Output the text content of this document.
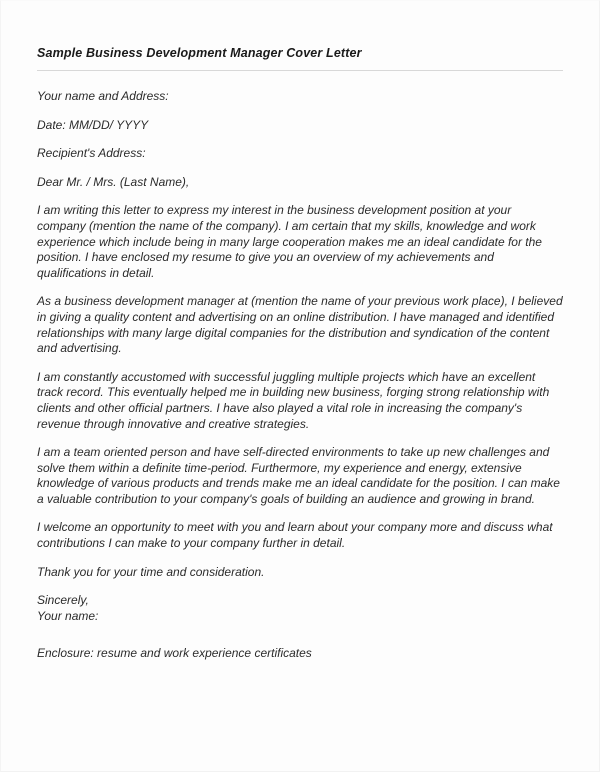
Sample Business Development Manager Cover Letter

Your name and Address:

Date: MM/DD/ YYYY

Recipient's Address:

Dear Mr. / Mrs. (Last Name),

I am writing this letter to express my interest in the business development position at your company (mention the name of the company). I am certain that my skills, knowledge and work experience which include being in many large cooperation makes me an ideal candidate for the position. I have enclosed my resume to give you an overview of my achievements and qualifications in detail.

As a business development manager at (mention the name of your previous work place), I believed in giving a quality content and advertising on an online distribution. I have managed and identified relationships with many large digital companies for the distribution and syndication of the content and advertising.

I am constantly accustomed with successful juggling multiple projects which have an excellent track record. This eventually helped me in building new business, forging strong relationship with clients and other official partners. I have also played a vital role in increasing the company's revenue through innovative and creative strategies.

I am a team oriented person and have self-directed environments to take up new challenges and solve them within a definite time-period. Furthermore, my experience and energy, extensive knowledge of various products and trends make me an ideal candidate for the position. I can make a valuable contribution to your company's goals of building an audience and growing in brand.

I welcome an opportunity to meet with you and learn about your company more and discuss what contributions I can make to your company further in detail.

Thank you for your time and consideration.

Sincerely,

Your name:

Enclosure: resume and work experience certificates
